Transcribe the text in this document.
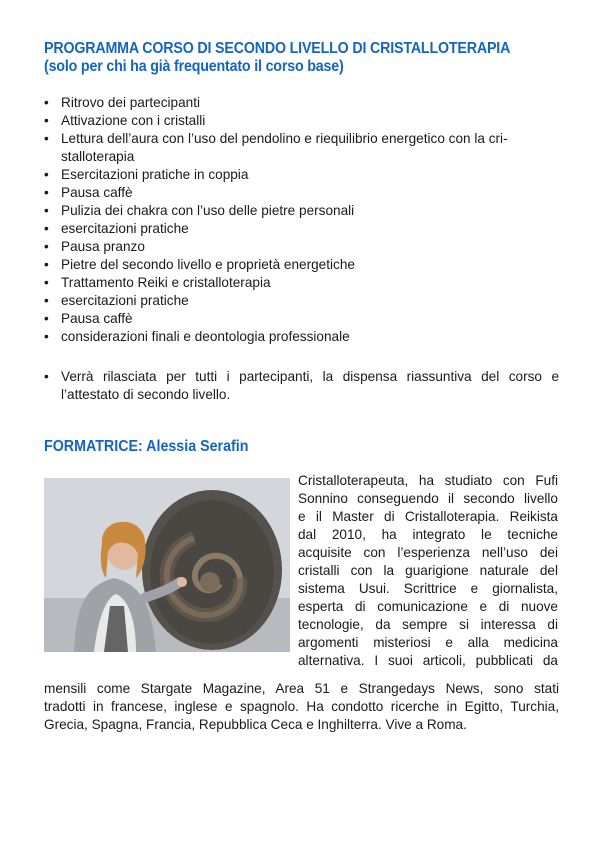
PROGRAMMA CORSO DI SECONDO LIVELLO DI CRISTALLOTERAPIA
(solo per chi ha già frequentato il corso base)
• Ritrovo dei partecipanti
• Attivazione con i cristalli
• Lettura dell’aura con l’uso del pendolino e riequilibrio energetico con la cri-
stalloterapia
• Esercitazioni pratiche in coppia
• Pausa caffè
• Pulizia dei chakra con l’uso delle pietre personali
• esercitazioni pratiche
• Pausa pranzo
• Pietre del secondo livello e proprietà energetiche
• Trattamento Reiki e cristalloterapia
• esercitazioni pratiche
• Pausa caffè
• considerazioni finali e deontologia professionale
• Verrà rilasciata per tutti i partecipanti, la dispensa riassuntiva del corso e
l’attestato di secondo livello.
FORMATRICE: Alessia Serafin
Cristalloterapeuta, ha studiato con Fufi
Sonnino conseguendo il secondo livello
e il Master di Cristalloterapia. Reikista
dal 2010, ha integrato le tecniche
acquisite con l’esperienza nell’uso dei
cristalli con la guarigione naturale del
sistema Usui. Scrittrice e giornalista,
esperta di comunicazione e di nuove
tecnologie, da sempre si interessa di
argomenti misteriosi e alla medicina
alternativa. I suoi articoli, pubblicati da
mensili come Stargate Magazine, Area 51 e Strangedays News, sono stati
tradotti in francese, inglese e spagnolo. Ha condotto ricerche in Egitto, Turchia,
Grecia, Spagna, Francia, Repubblica Ceca e Inghilterra. Vive a Roma.
